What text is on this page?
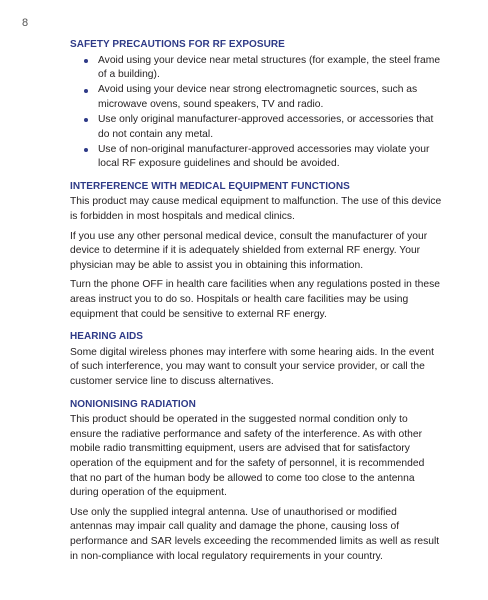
8
SAFETY PRECAUTIONS FOR RF EXPOSURE
Avoid using your device near metal structures (for example, the steel frame of a building).
Avoid using your device near strong electromagnetic sources, such as microwave ovens, sound speakers, TV and radio.
Use only original manufacturer-approved accessories, or accessories that do not contain any metal.
Use of non-original manufacturer-approved accessories may violate your local RF exposure guidelines and should be avoided.
INTERFERENCE WITH MEDICAL EQUIPMENT FUNCTIONS

This product may cause medical equipment to malfunction. The use of this device is forbidden in most hospitals and medical clinics.

If you use any other personal medical device, consult the manufacturer of your device to determine if it is adequately shielded from external RF energy. Your physician may be able to assist you in obtaining this information.

Turn the phone OFF in health care facilities when any regulations posted in these areas instruct you to do so. Hospitals or health care facilities may be using equipment that could be sensitive to external RF energy.

HEARING AIDS

Some digital wireless phones may interfere with some hearing aids. In the event of such interference, you may want to consult your service provider, or call the customer service line to discuss alternatives.

NONIONISING RADIATION

This product should be operated in the suggested normal condition only to ensure the radiative performance and safety of the interference. As with other mobile radio transmitting equipment, users are advised that for satisfactory operation of the equipment and for the safety of personnel, it is recommended that no part of the human body be allowed to come too close to the antenna during operation of the equipment.

Use only the supplied integral antenna. Use of unauthorised or modified antennas may impair call quality and damage the phone, causing loss of performance and SAR levels exceeding the recommended limits as well as result in non-compliance with local regulatory requirements in your country.
